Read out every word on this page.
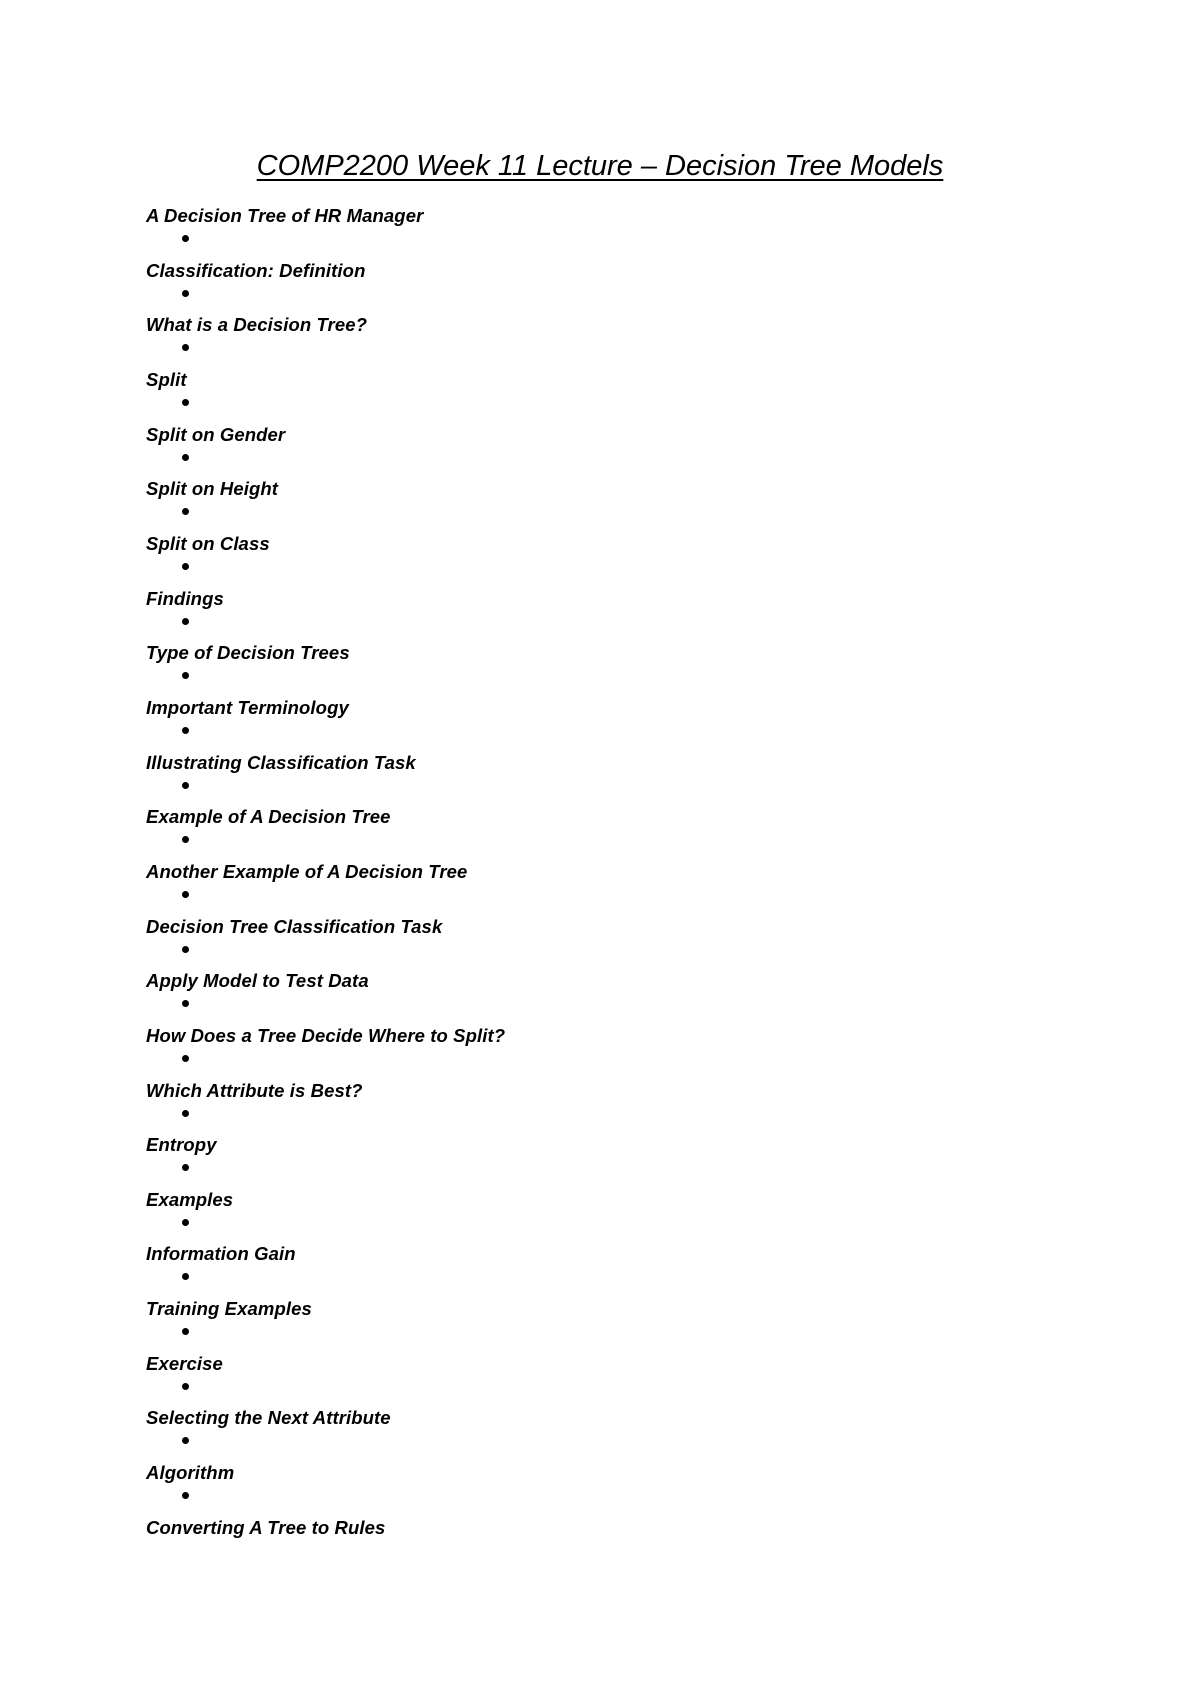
COMP2200 Week 11 Lecture – Decision Tree Models
A Decision Tree of HR Manager
Classification: Definition
What is a Decision Tree?
Split
Split on Gender
Split on Height
Split on Class
Findings
Type of Decision Trees
Important Terminology
Illustrating Classification Task
Example of A Decision Tree
Another Example of A Decision Tree
Decision Tree Classification Task
Apply Model to Test Data
How Does a Tree Decide Where to Split?
Which Attribute is Best?
Entropy
Examples
Information Gain
Training Examples
Exercise
Selecting the Next Attribute
Algorithm
Converting A Tree to Rules
